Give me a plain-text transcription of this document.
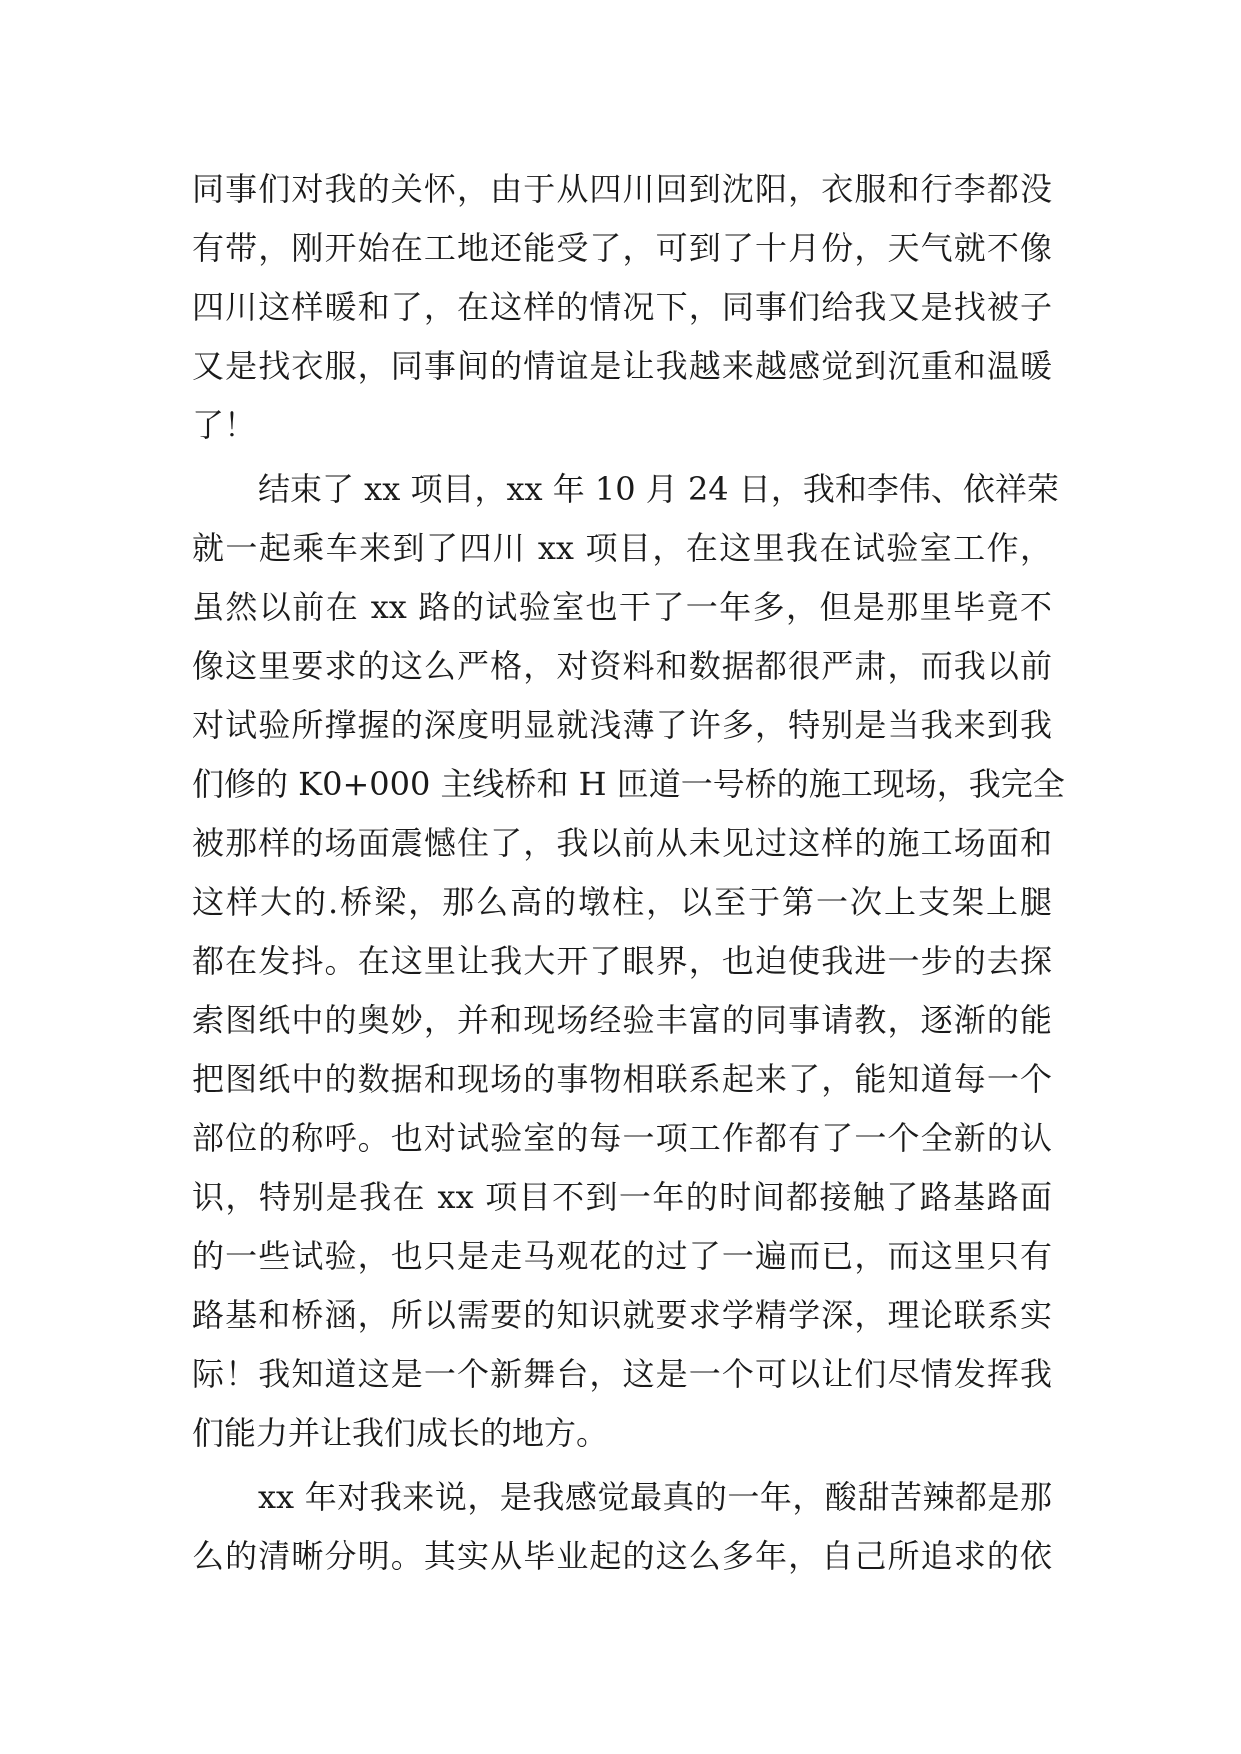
同事们对我的关怀，由于从四川回到沈阳，衣服和行李都没
有带，刚开始在工地还能受了，可到了十月份，天气就不像
四川这样暖和了，在这样的情况下，同事们给我又是找被子
又是找衣服，同事间的情谊是让我越来越感觉到沉重和温暖
了！
结束了 xx 项目，xx 年 10 月 24 日，我和李伟、依祥荣
就一起乘车来到了四川 xx 项目，在这里我在试验室工作，
虽然以前在 xx 路的试验室也干了一年多，但是那里毕竟不
像这里要求的这么严格，对资料和数据都很严肃，而我以前
对试验所撑握的深度明显就浅薄了许多，特别是当我来到我
们修的 K0+000 主线桥和 H 匝道一号桥的施工现场，我完全
被那样的场面震憾住了，我以前从未见过这样的施工场面和
这样大的.桥梁，那么高的墩柱，以至于第一次上支架上腿
都在发抖。在这里让我大开了眼界，也迫使我进一步的去探
索图纸中的奥妙，并和现场经验丰富的同事请教，逐渐的能
把图纸中的数据和现场的事物相联系起来了，能知道每一个
部位的称呼。也对试验室的每一项工作都有了一个全新的认
识，特别是我在 xx 项目不到一年的时间都接触了路基路面
的一些试验，也只是走马观花的过了一遍而已，而这里只有
路基和桥涵，所以需要的知识就要求学精学深，理论联系实
际！我知道这是一个新舞台，这是一个可以让们尽情发挥我
们能力并让我们成长的地方。
xx 年对我来说，是我感觉最真的一年，酸甜苦辣都是那
么的清晰分明。其实从毕业起的这么多年，自己所追求的依
